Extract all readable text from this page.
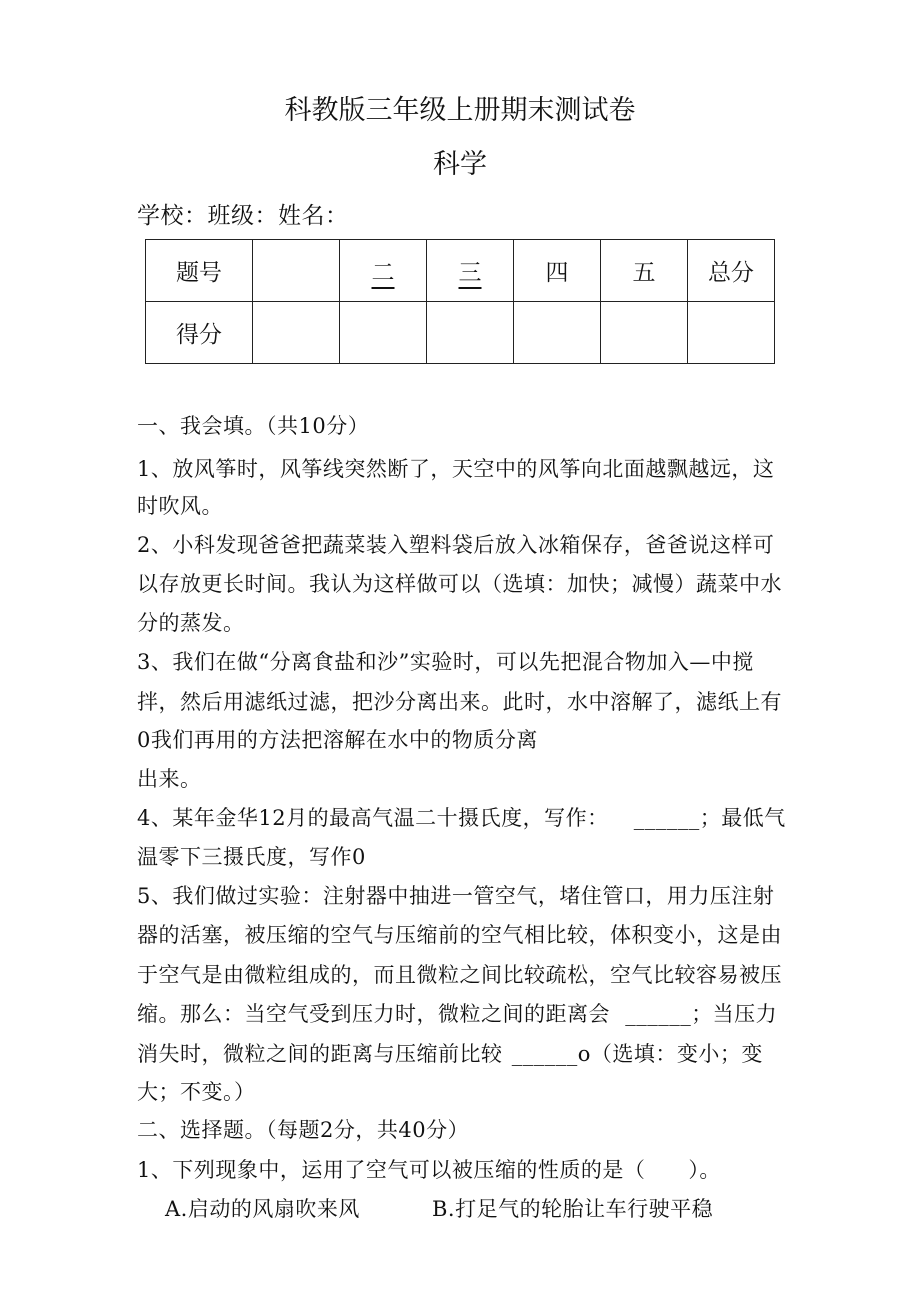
科教版三年级上册期末测试卷
科学
学校：班级：姓名：
题号		二	三	四	五	总分
得分						
一、我会填。（共10分）
1、放风筝时，风筝线突然断了，天空中的风筝向北面越飘越远，这
时吹风。
2、小科发现爸爸把蔬菜装入塑料袋后放入冰箱保存，爸爸说这样可
以存放更长时间。我认为这样做可以（选填：加快；减慢）蔬菜中水
分的蒸发。
3、我们在做“分离食盐和沙”实验时，可以先把混合物加入—中搅
拌，然后用滤纸过滤，把沙分离出来。此时，水中溶解了，滤纸上有
0我们再用的方法把溶解在水中的物质分离
出来。
4、某年金华12月的最高气温二十摄氏度，写作： ______；最低气
温零下三摄氏度，写作0
5、我们做过实验：注射器中抽进一管空气，堵住管口，用力压注射
器的活塞，被压缩的空气与压缩前的空气相比较，体积变小，这是由
于空气是由微粒组成的，而且微粒之间比较疏松，空气比较容易被压
缩。那么：当空气受到压力时，微粒之间的距离会 ______；当压力
消失时，微粒之间的距离与压缩前比较 ______o（选填：变小；变
大；不变。）
二、选择题。（每题2分，共40分）
1、下列现象中，运用了空气可以被压缩的性质的是（　　）。
A.启动的风扇吹来风	B.打足气的轮胎让车行驶平稳
